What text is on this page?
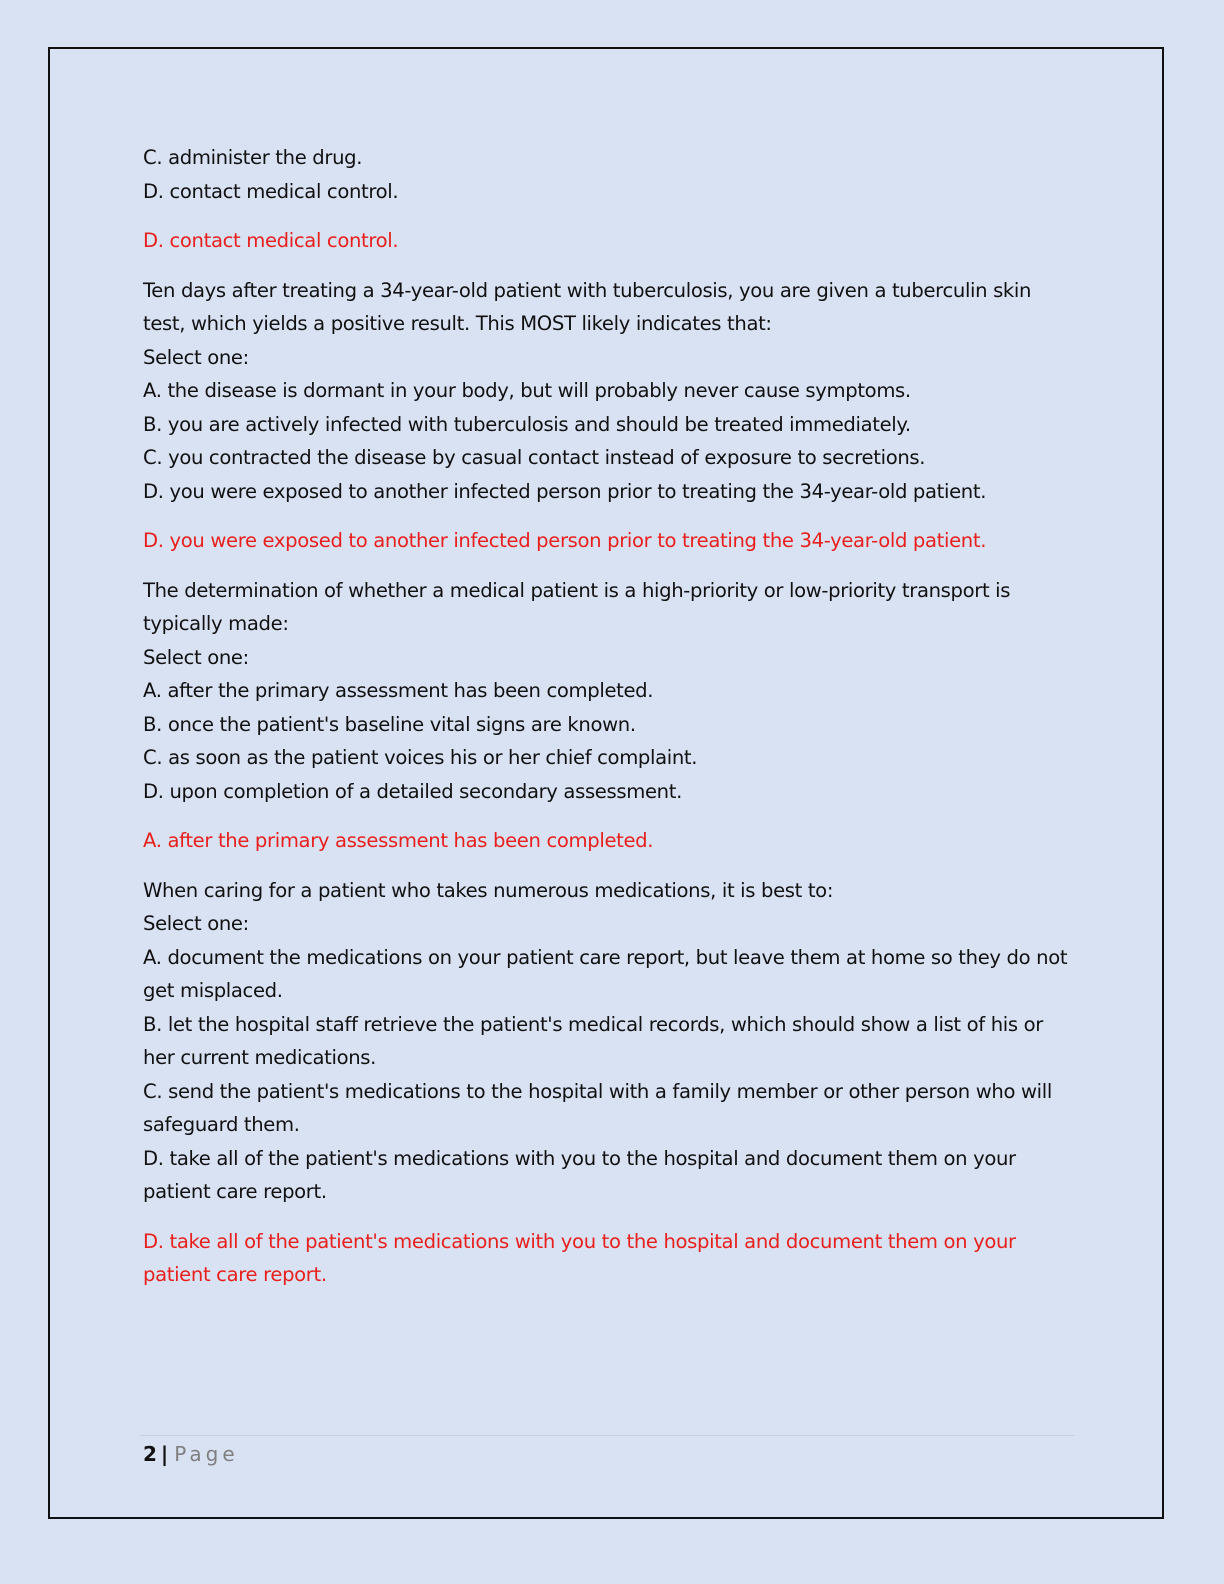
C. administer the drug.
D. contact medical control.
D. contact medical control.
Ten days after treating a 34-year-old patient with tuberculosis, you are given a tuberculin skin test, which yields a positive result. This MOST likely indicates that:
Select one:
A. the disease is dormant in your body, but will probably never cause symptoms.
B. you are actively infected with tuberculosis and should be treated immediately.
C. you contracted the disease by casual contact instead of exposure to secretions.
D. you were exposed to another infected person prior to treating the 34-year-old patient.
D. you were exposed to another infected person prior to treating the 34-year-old patient.
The determination of whether a medical patient is a high-priority or low-priority transport is typically made:
Select one:
A. after the primary assessment has been completed.
B. once the patient's baseline vital signs are known.
C. as soon as the patient voices his or her chief complaint.
D. upon completion of a detailed secondary assessment.
A. after the primary assessment has been completed.
When caring for a patient who takes numerous medications, it is best to:
Select one:
A. document the medications on your patient care report, but leave them at home so they do not get misplaced.
B. let the hospital staff retrieve the patient's medical records, which should show a list of his or her current medications.
C. send the patient's medications to the hospital with a family member or other person who will safeguard them.
D. take all of the patient's medications with you to the hospital and document them on your patient care report.
D. take all of the patient's medications with you to the hospital and document them on your patient care report.
2 | Page
